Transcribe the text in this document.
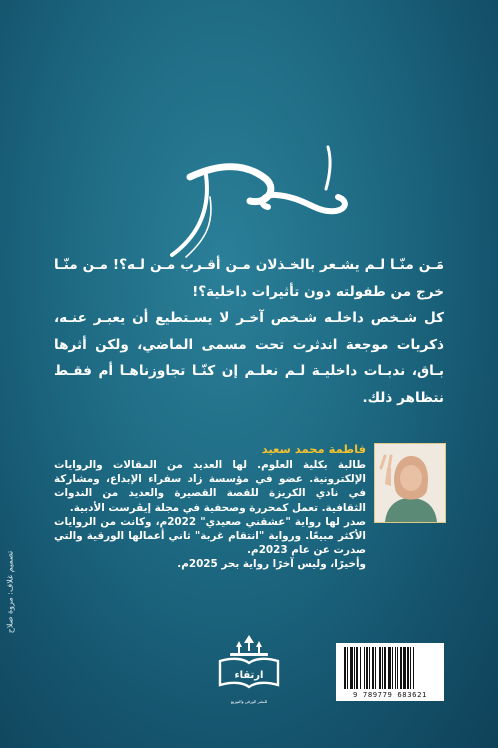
مَـن منّـا لـم يشـعر بالخـذلان مـن أقـرب مـن لـه؟! مـن منّـا خرج من طفولته دون تأثيرات داخلية؟!

كل شـخص داخلـه شـخص آخـر لا يسـتطيع أن يعبـر عنـه، ذكريات موجعة اندثرت تحت مسمى الماضي، ولكن أثرها بـاق، ندبـات داخليـة لـم نعلـم إن كنّـا تجاوزناهـا أم فقـط نتظاهر ذلك.

فاطمة محمد سعيد

طالبة بكلية العلوم. لها العديد من المقالات والروايات الإلكترونية. عضو في مؤسسة زاد سفراء الإبداع، ومشاركة في نادي الكريزة للقصة القصيرة والعديد من الندوات الثقافية. تعمل كمحررة وصحفية في مجلة إيڤرست الأدبية.

صدر لها رواية "عشقني صعيدي" 2022م، وكانت من الروايات الأكثر مبيعًا. ورواية "انتقام غربة" ثاني أعمالها الورقية والتي صدرت عن عام 2023م.

وأخيرًا، وليس آخرًا رواية بحر 2025م.

تصميم غلاف: مروة صلاح
ارتقاء
للنشر الورقي والتوزيع
9 789779 683621
